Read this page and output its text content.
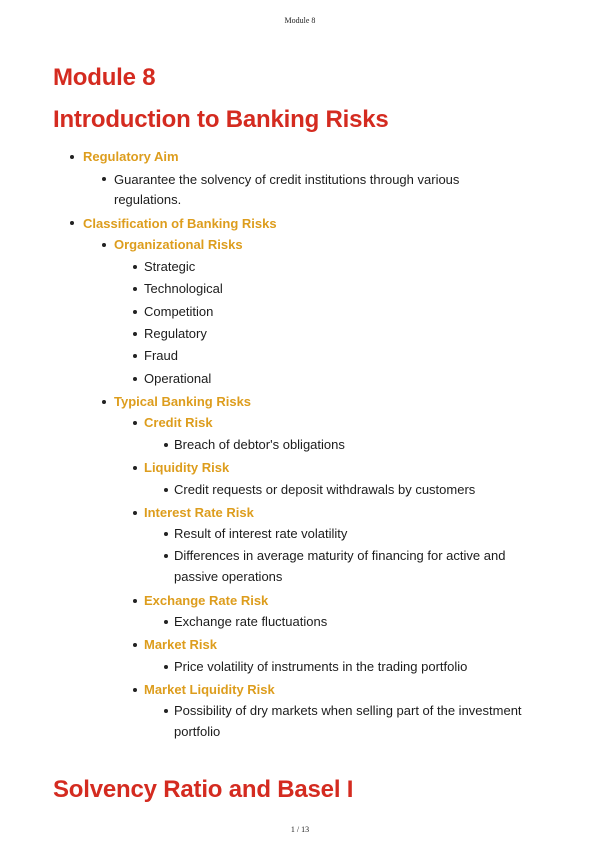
Module 8
Module 8
Introduction to Banking Risks
Regulatory Aim
Guarantee the solvency of credit institutions through various
regulations.
Classification of Banking Risks
Organizational Risks
Strategic
Technological
Competition
Regulatory
Fraud
Operational
Typical Banking Risks
Credit Risk
Breach of debtor's obligations
Liquidity Risk
Credit requests or deposit withdrawals by customers
Interest Rate Risk
Result of interest rate volatility
Differences in average maturity of financing for active and
passive operations
Exchange Rate Risk
Exchange rate fluctuations
Market Risk
Price volatility of instruments in the trading portfolio
Market Liquidity Risk
Possibility of dry markets when selling part of the investment
portfolio
Solvency Ratio and Basel I
1 / 13
